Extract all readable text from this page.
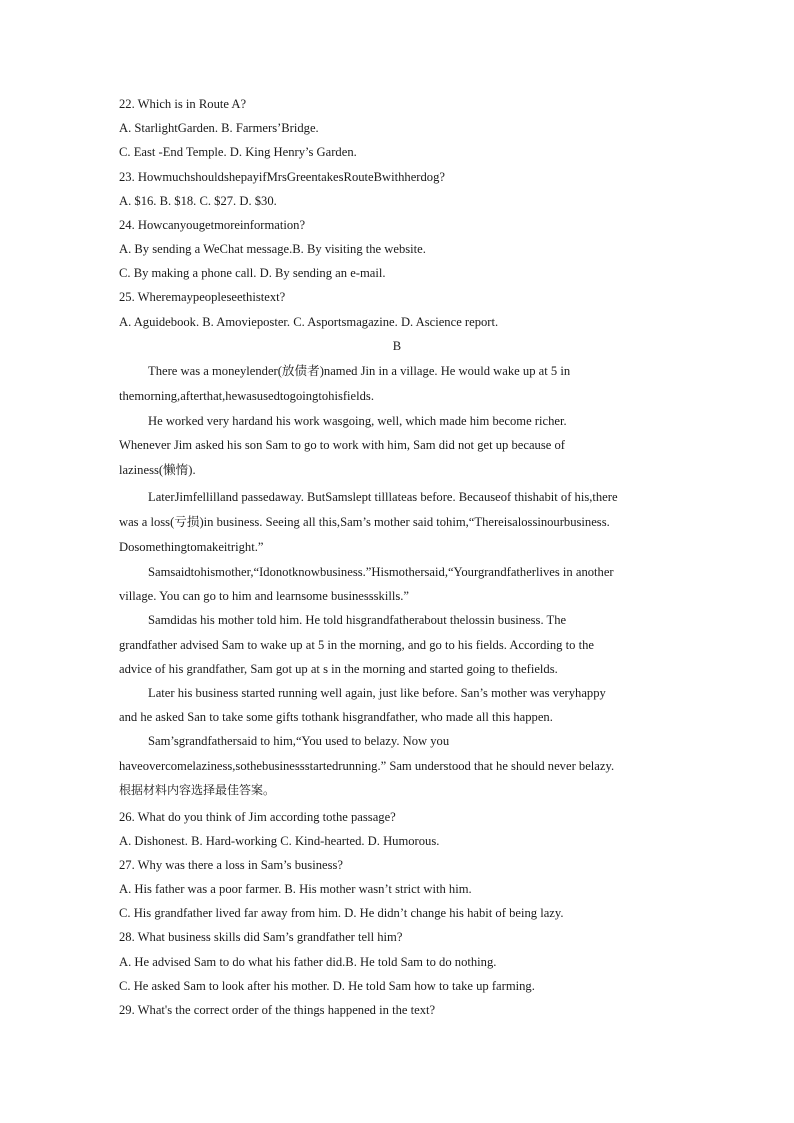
22. Which is in Route A?
A. StarlightGarden. B. Farmers’Bridge.
C. East -End Temple. D. King Henry’s Garden.
23. HowmuchshouldshepayifMrsGreentakesRouteBwithherdog?
A. $16. B. $18. C. $27. D. $30.
24. Howcanyougetmoreinformation?
A. By sending a WeChat message.B. By visiting the website.
C. By making a phone call. D. By sending an e-mail.
25. Wheremaypeopleseethistext?
A. Aguidebook. B. Amovieposter. C. Asportsmagazine. D. Ascience report.
B
There was a moneylender(放债者)named Jin in a village. He would wake up at 5 in
themorning,afterthat,hewasusedtogoingtohisfields.
He worked very hardand his work wasgoing, well, which made him become richer.
Whenever Jim asked his son Sam to go to work with him, Sam did not get up because of
laziness(懒惰).
LaterJimfellilland passedaway. ButSamslept tilllateas before. Becauseof thishabit of his,there
was a loss(亏损)in business. Seeing all this,Sam’s mother said tohim,“Thereisalossinourbusiness.
Dosomethingtomakeitright.”
Samsaidtohismother,“Idonotknowbusiness.”Hismothersaid,“Yourgrandfatherlives in another
village. You can go to him and learnsome businessskills.”
Samdidas his mother told him. He told hisgrandfatherabout thelossin business. The
grandfather advised Sam to wake up at 5 in the morning, and go to his fields. According to the
advice of his grandfather, Sam got up at s in the morning and started going to thefields.
Later his business started running well again, just like before. San’s mother was veryhappy
and he asked San to take some gifts tothank hisgrandfather, who made all this happen.
Sam’sgrandfathersaid to him,“You used to belazy. Now you
haveovercomelaziness,sothebusinessstartedrunning.” Sam understood that he should never belazy.
根据材料内容选择最佳答案。
26. What do you think of Jim according tothe passage?
A. Dishonest. B. Hard-working C. Kind-hearted. D. Humorous.
27. Why was there a loss in Sam’s business?
A. His father was a poor farmer. B. His mother wasn’t strict with him.
C. His grandfather lived far away from him. D. He didn’t change his habit of being lazy.
28. What business skills did Sam’s grandfather tell him?
A. He advised Sam to do what his father did.B. He told Sam to do nothing.
C. He asked Sam to look after his mother. D. He told Sam how to take up farming.
29. What's the correct order of the things happened in the text?
